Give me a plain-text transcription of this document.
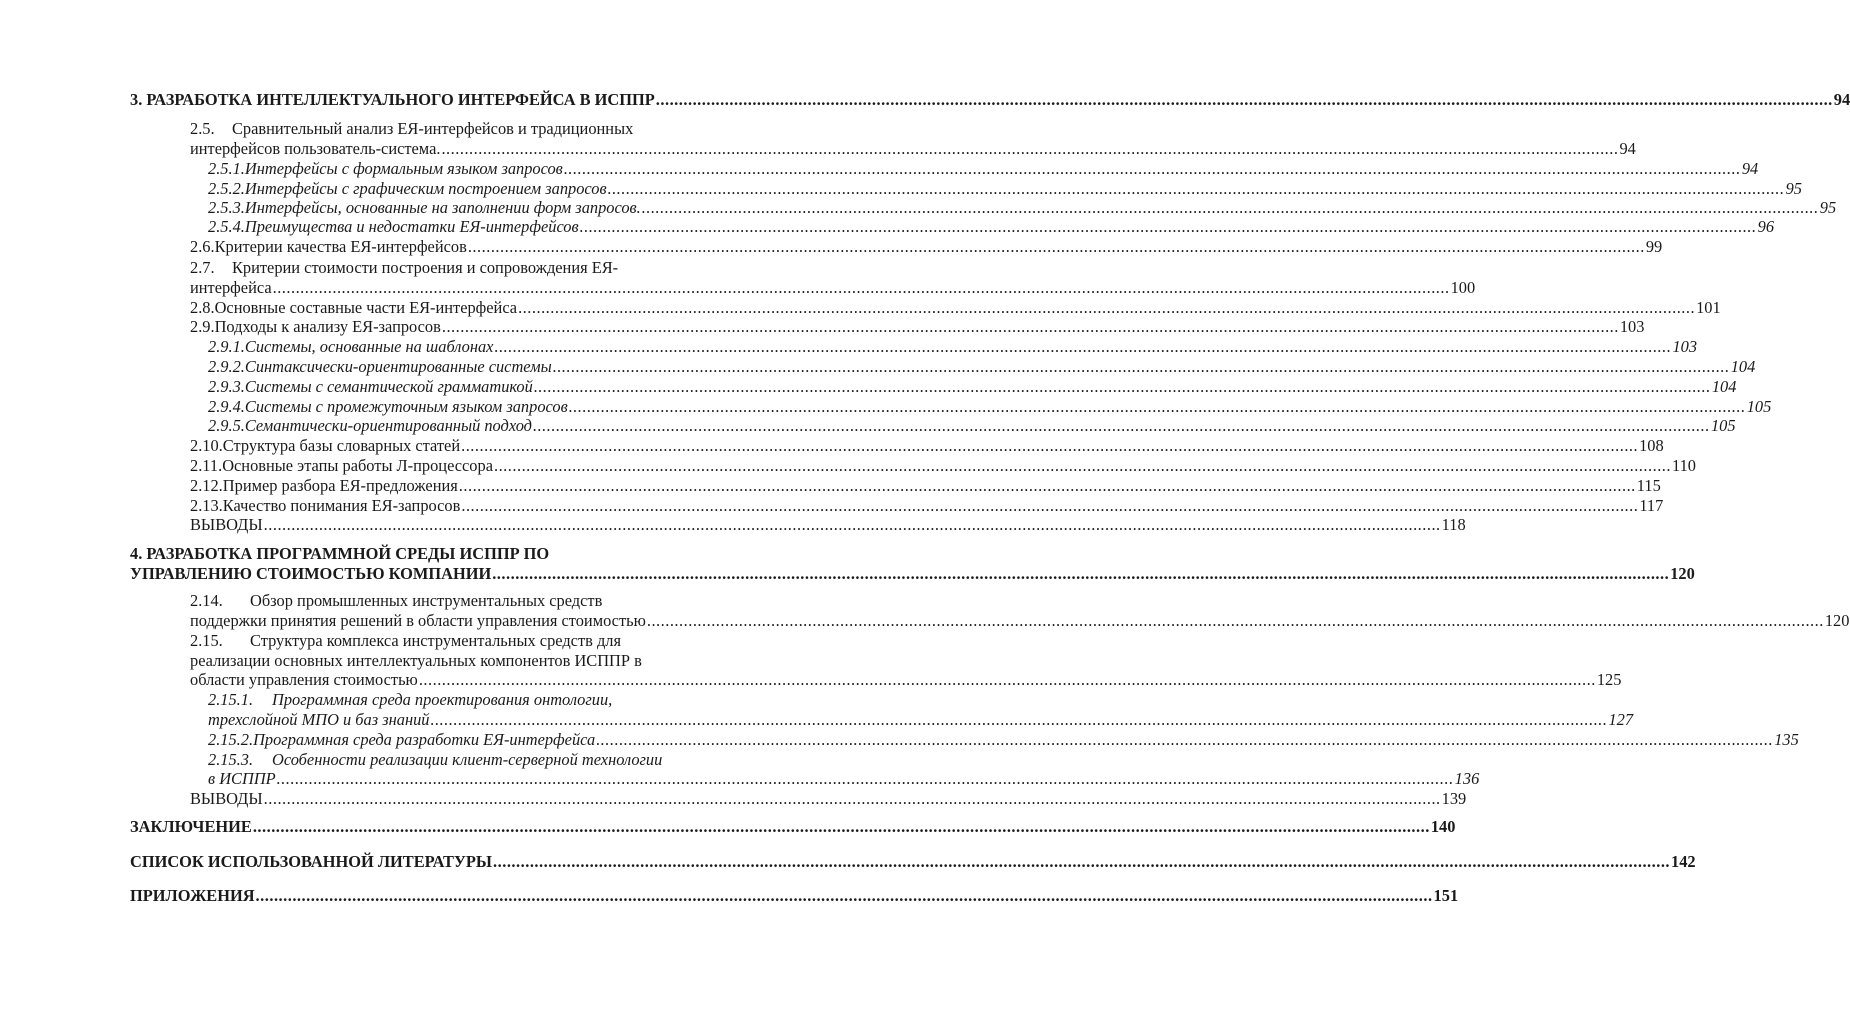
3. РАЗРАБОТКА ИНТЕЛЛЕКТУАЛЬНОГО ИНТЕРФЕЙСА В ИСППР .....	94
2.5.	Сравнительный анализ ЕЯ-интерфейсов и традиционных
интерфейсов пользователь-система. .....	94
2.5.1. Интерфейсы с формальным языком запросов .....	94
2.5.2. Интерфейсы с графическим построением запросов .....	95
2.5.3. Интерфейсы, основанные на заполнении форм запросов. .....	95
2.5.4. Преимущества и недостатки ЕЯ-интерфейсов .....	96
2.6. Критерии качества ЕЯ-интерфейсов .....	99
2.7.	Критерии стоимости построения и сопровождения ЕЯ-
интерфейса .....	100
2.8. Основные составные части ЕЯ-интерфейса .....	101
2.9. Подходы к анализу ЕЯ-запросов .....	103
2.9.1. Системы, основанные на шаблонах .....	103
2.9.2. Синтаксически-ориентированные системы .....	104
2.9.3. Системы с семантической грамматикой .....	104
2.9.4. Системы с промежуточным языком запросов .....	105
2.9.5. Семантически-ориентированный подход .....	105
2.10. Структура базы словарных статей .....	108
2.11. Основные этапы работы Л-процессора .....	110
2.12. Пример разбора ЕЯ-предложения .....	115
2.13. Качество понимания ЕЯ-запросов .....	117
ВЫВОДЫ .....	118
4. РАЗРАБОТКА ПРОГРАММНОЙ СРЕДЫ ИСППР ПО
УПРАВЛЕНИЮ СТОИМОСТЬЮ КОМПАНИИ .....	120
2.14.	Обзор промышленных инструментальных средств
поддержки принятия решений в области управления стоимостью .....	120
2.15.	Структура комплекса инструментальных средств для
реализации основных интеллектуальных компонентов ИСППР в
области управления стоимостью .....	125
2.15.1.	Программная среда проектирования онтологии,
трехслойной МПО и баз знаний .....	127
2.15.2. Программная среда разработки ЕЯ-интерфейса .....	135
2.15.3.	Особенности реализации клиент-серверной технологии
в ИСППР .....	136
ВЫВОДЫ .....	139
ЗАКЛЮЧЕНИЕ .....	140
СПИСОК ИСПОЛЬЗОВАННОЙ ЛИТЕРАТУРЫ .....	142
ПРИЛОЖЕНИЯ .....	151
